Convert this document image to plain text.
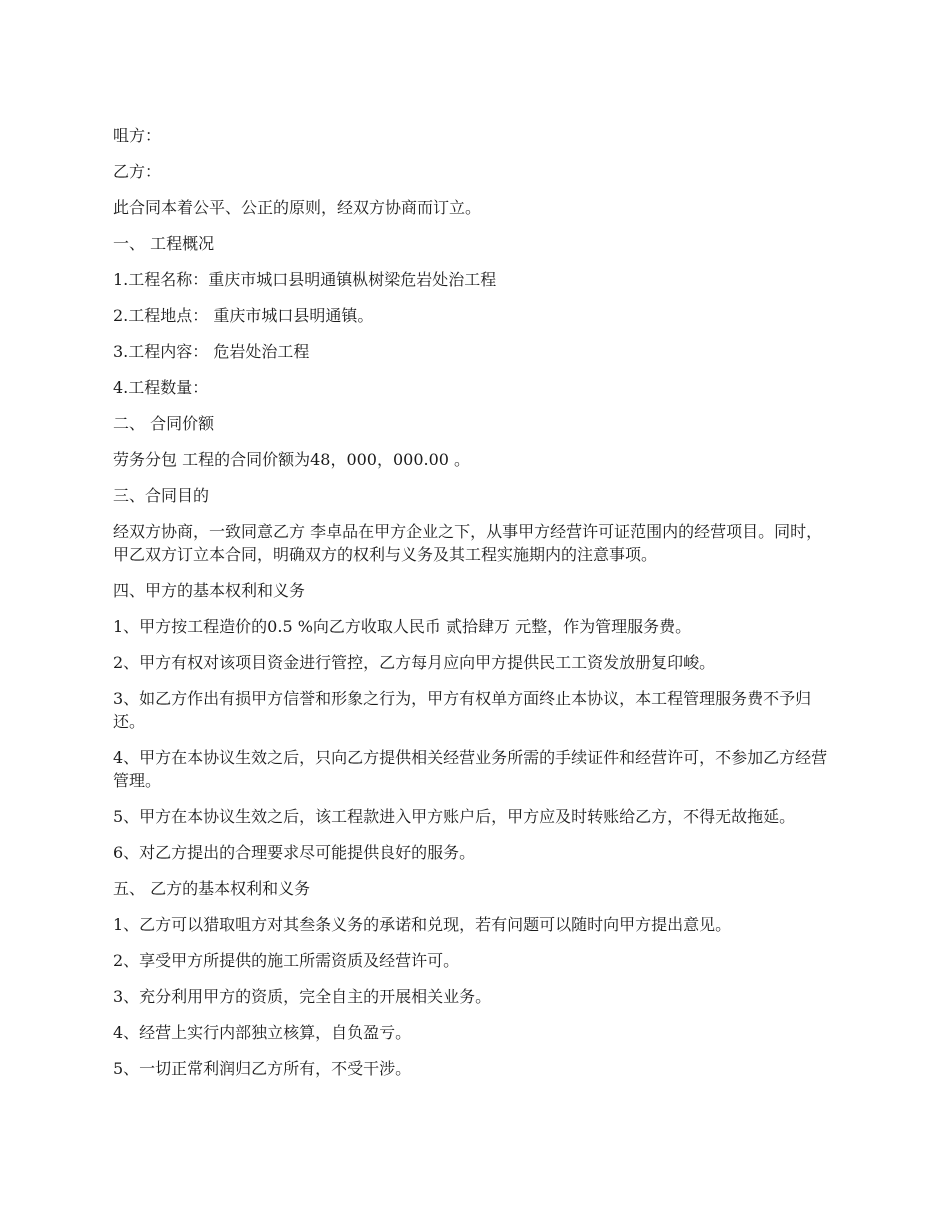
咀方：

乙方：

此合同本着公平、公正的原则，经双方协商而订立。

一、 工程概况

1.工程名称：重庆市城口县明通镇枞树梁危岩处治工程

2.工程地点： 重庆市城口县明通镇。

3.工程内容： 危岩处治工程

4.工程数量：

二、 合同价额

劳务分包 工程的合同价额为48，000，000.00 。

三、合同目的

经双方协商，一致同意乙方 李卓品在甲方企业之下，从事甲方经营许可证范围内的经营项目。同时，甲乙双方订立本合同，明确双方的权利与义务及其工程实施期内的注意事项。

四、甲方的基本权利和义务

1、甲方按工程造价的0.5 %向乙方收取人民币 贰拾肆万 元整，作为管理服务费。

2、甲方有权对该项目资金进行管控，乙方每月应向甲方提供民工工资发放册复印峻。

3、如乙方作出有损甲方信誉和形象之行为，甲方有权单方面终止本协议，本工程管理服务费不予归还。

4、甲方在本协议生效之后，只向乙方提供相关经营业务所需的手续证件和经营许可，不参加乙方经营管理。

5、甲方在本协议生效之后，该工程款进入甲方账户后，甲方应及时转账给乙方，不得无故拖延。

6、对乙方提出的合理要求尽可能提供良好的服务。

五、 乙方的基本权利和义务

1、乙方可以猎取咀方对其叁条义务的承诺和兑现，若有问题可以随时向甲方提出意见。

2、享受甲方所提供的施工所需资质及经营许可。

3、充分利用甲方的资质，完全自主的开展相关业务。

4、经营上实行内部独立核算，自负盈亏。

5、一切正常利润归乙方所有，不受干涉。
